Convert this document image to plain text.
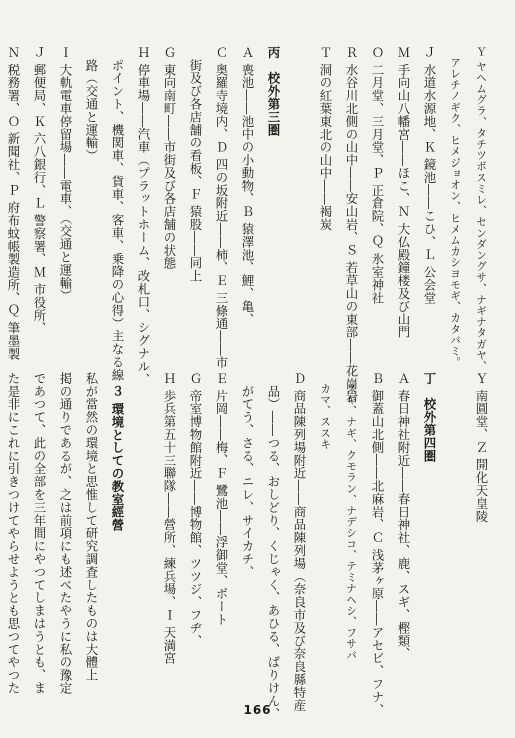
Ｙ ヤヘムグラ、タチツボスミレ、センダングサ、ナギナタガヤ、
　アレチノギク、ヒメジョオン、ヒメムカシヨモギ、カタバミ。
Ｊ 水道水源地、Ｋ 鏡池――こひ、Ｌ 公会堂
Ｍ 手向山八幡宮――ほこ、Ｎ 大仏殿鐘楼及び山門
Ｏ 二月堂、三月堂、Ｐ 正倉院、Ｑ 氷室神社
Ｒ 水谷川北側の山中――安山岩、Ｓ 若草山の東部――花崗岩
Ｔ 洞の紅葉東北の山中――褐炭

丙　校外第三圏
Ａ 喪池――池中の小動物、Ｂ 猿澤池、鯉、亀、
Ｃ 奥羅寺境内、Ｄ 四の坂附近――柿、Ｅ 三條通――市
　街及び各店舗の看板、Ｆ 猿股――同上
Ｇ 東向南町――市街及び各店舗の状態
Ｈ 停車場――汽車（プラットホーム、改札口、シグナル、
　ポイント、機関車、貨車、客車、乗降の心得）主なる線
　路（交通と運輸）
Ｉ 大軌電車停留場――電車、（交通と運輸）
Ｊ 郵便局、Ｋ 六八銀行、Ｌ 警察署、Ｍ 市役所、
Ｎ 税務署、Ｏ 新聞社、Ｐ 府布蚊帳製造所、Ｑ 筆墨製
Ｙ 南圓堂、Ｚ 開化天皇陵

丁　校外第四圏
Ａ 春日神社附近――春日神社、鹿、スギ、樫類、
Ｂ 御蓋山北側――北麻岩、Ｃ 浅茅ヶ原――アセビ、フナ、
　スギ、ナギ、クモラン、ナデシコ、テミナヘシ、フサバ
　カマ、ススキ
Ｄ 商品陳列場附近――商品陳列場（奈良市及び奈良縣特産
　品）――つる、おしどり、くじゃく、あひる、ばりけん、
　がてう、さる、ニレ、サイカチ、
Ｅ 片岡――梅、Ｆ 鷺池――浮御堂、ボート
Ｇ 帝室博物館附近――博物館、ツツジ、フヂ、
Ｈ 歩兵第五十三聯隊――營所、練兵場、Ｉ 天満宮

　３ 環境としての教室經營
私が當然の環境と思惟して研究調査したものは大體上
掲の通りであるが、之は前項にも述べたやうに私の豫定
であつて、此の全部を三年間にやつてしまはうとも、ま
た是非にこれに引きつけてやらせようとも思つてやつた
166
